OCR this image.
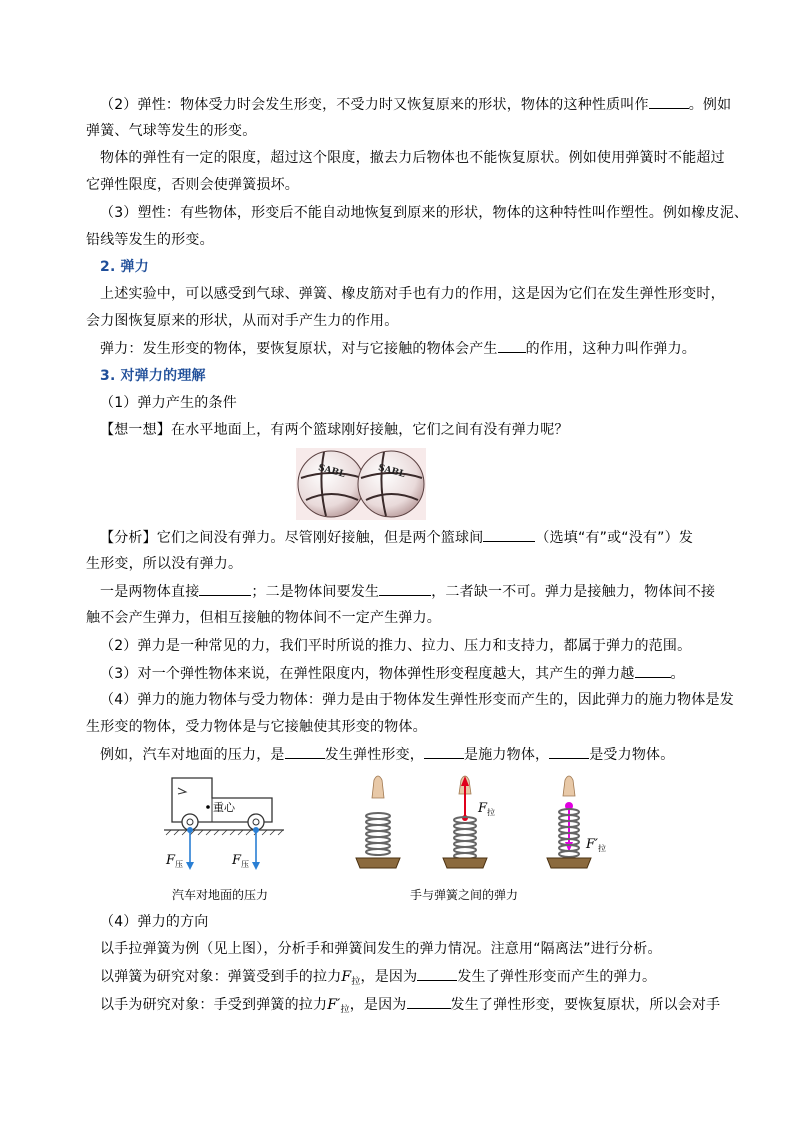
（2）弹性：物体受力时会发生形变，不受力时又恢复原来的形状，物体的这种性质叫作	。例如
弹簧、气球等发生的形变。
物体的弹性有一定的限度，超过这个限度，撤去力后物体也不能恢复原状。例如使用弹簧时不能超过
它弹性限度，否则会使弹簧损坏。
（3）塑性：有些物体，形变后不能自动地恢复到原来的形状，物体的这种特性叫作塑性。例如橡皮泥、
铅线等发生的形变。
2. 弹力
上述实验中，可以感受到气球、弹簧、橡皮筋对手也有力的作用，这是因为它们在发生弹性形变时，
会力图恢复原来的形状，从而对手产生力的作用。
弹力：发生形变的物体，要恢复原状，对与它接触的物体会产生 的作用，这种力叫作弹力。
3. 对弹力的理解
（1）弹力产生的条件
【想一想】在水平地面上，有两个篮球刚好接触，它们之间有没有弹力呢？
SABL	SABL
【分析】它们之间没有弹力。尽管刚好接触，但是两个篮球间	（选填“有”或“没有”）发
生形变，所以没有弹力。
一是两物体直接	；二是物体间要发生	，二者缺一不可。弹力是接触力，物体间不接
触不会产生弹力，但相互接触的物体间不一定产生弹力。
（2）弹力是一种常见的力，我们平时所说的推力、拉力、压力和支持力，都属于弹力的范围。
（3）对一个弹性物体来说，在弹性限度内，物体弹性形变程度越大，其产生的弹力越	。
（4）弹力的施力物体与受力物体：弹力是由于物体发生弹性形变而产生的，因此弹力的施力物体是发
生形变的物体，受力物体是与它接触使其形变的物体。
例如，汽车对地面的压力，是	发生弹性形变，	是施力物体，	是受力物体。
重心
$F_压$	$F_压$
汽车对地面的压力
$F_拉$
$F'_拉$
手与弹簧之间的弹力
（4）弹力的方向
以手拉弹簧为例（见上图），分析手和弹簧间发生的弹力情况。注意用“隔离法”进行分析。
以弹簧为研究对象：弹簧受到手的拉力$F_拉$，是因为	发生了弹性形变而产生的弹力。
以手为研究对象：手受到弹簧的拉力$F'_拉$，是因为	发生了弹性形变，要恢复原状，所以会对手
